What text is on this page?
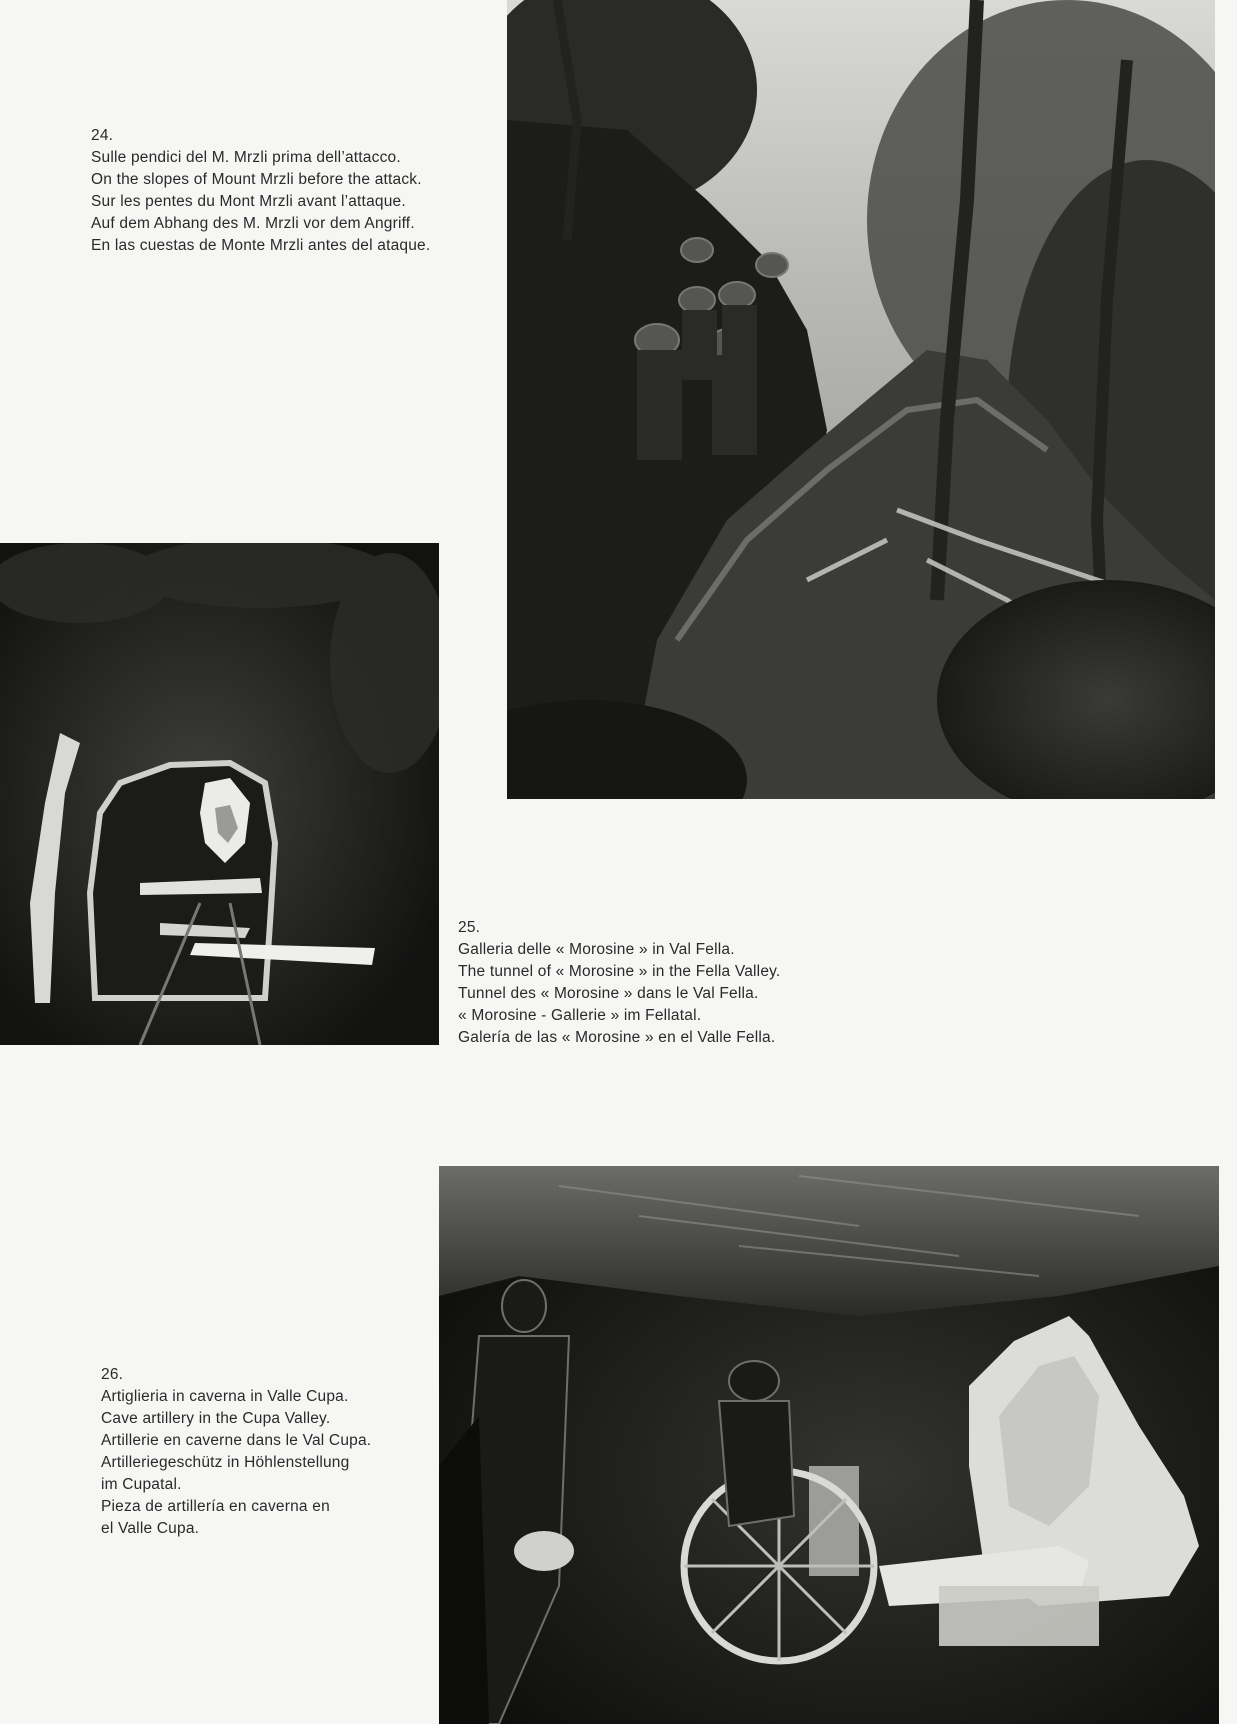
24.
Sulle pendici del M. Mrzli prima dell’attacco.
On the slopes of Mount Mrzli before the attack.
Sur les pentes du Mont Mrzli avant l’attaque.
Auf dem Abhang des M. Mrzli vor dem Angriff.
En las cuestas de Monte Mrzli antes del ataque.
25.
Galleria delle « Morosine » in Val Fella.
The tunnel of « Morosine » in the Fella Valley.
Tunnel des « Morosine » dans le Val Fella.
« Morosine - Gallerie » im Fellatal.
Galería de las « Morosine » en el Valle Fella.
26.
Artiglieria in caverna in Valle Cupa.
Cave artillery in the Cupa Valley.
Artillerie en caverne dans le Val Cupa.
Artilleriegeschütz in Höhlenstellung
im Cupatal.
Pieza de artillería en caverna en
el Valle Cupa.
